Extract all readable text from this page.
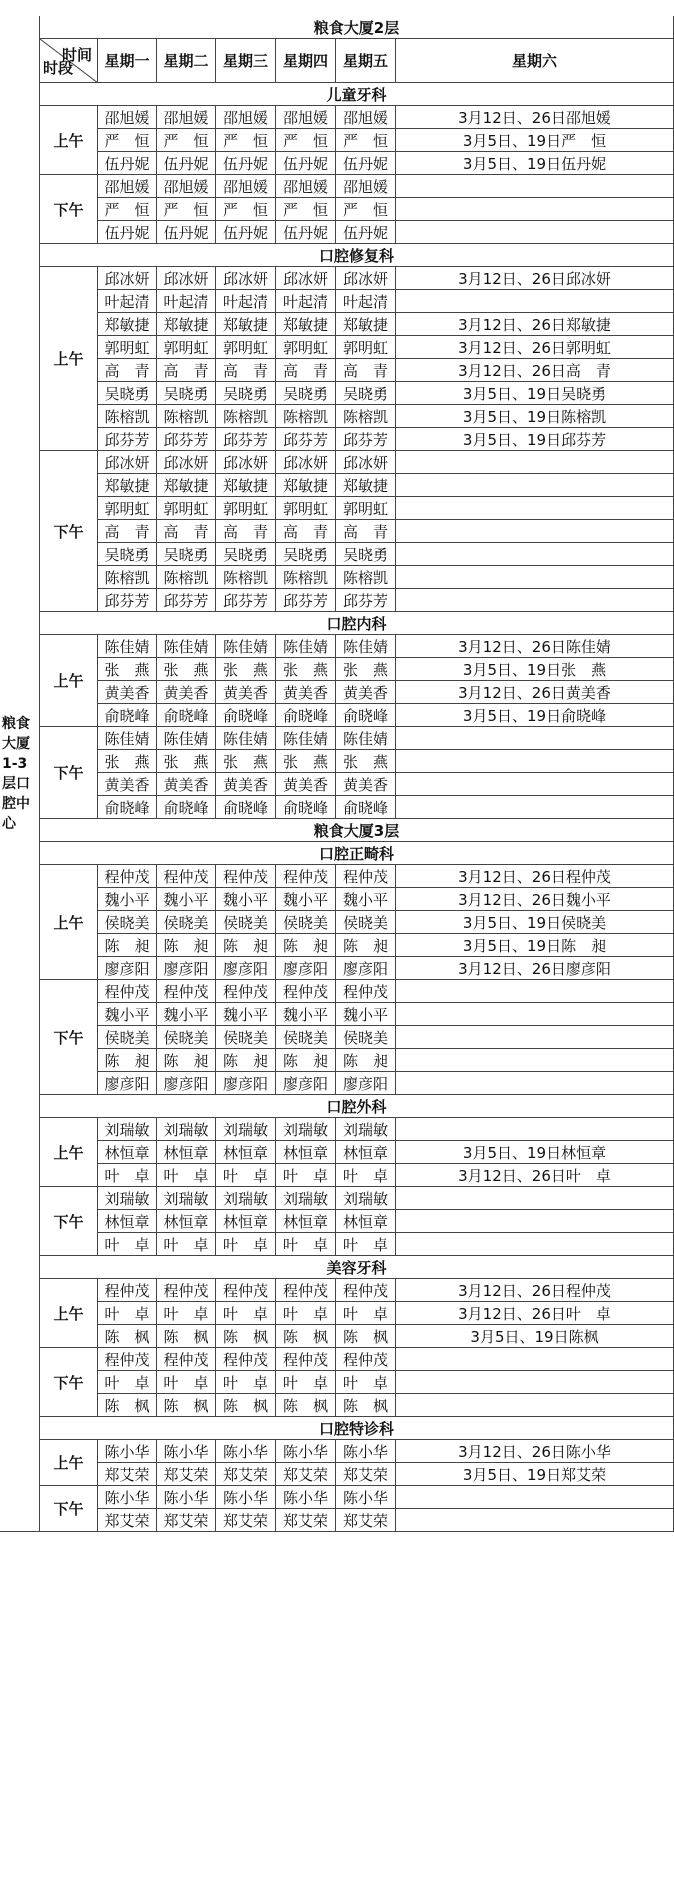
粮食大厦1-3层口腔中心
粮食大厦2层
时间
时段	星期一 星期二 星期三 星期四 星期五	星期六
儿童牙科
邵旭媛 邵旭媛 邵旭媛 邵旭媛 邵旭媛	3月12日、26日邵旭媛
严　恒 严　恒 严　恒 严　恒 严　恒	3月5日、19日严　恒
伍丹妮 伍丹妮 伍丹妮 伍丹妮 伍丹妮	3月5日、19日伍丹妮
上午
邵旭媛 邵旭媛 邵旭媛 邵旭媛 邵旭媛
严　恒 严　恒 严　恒 严　恒 严　恒
伍丹妮 伍丹妮 伍丹妮 伍丹妮 伍丹妮
下午
口腔修复科
邱冰妍 邱冰妍 邱冰妍 邱冰妍 邱冰妍	3月12日、26日邱冰妍
叶起清 叶起清 叶起清 叶起清 叶起清
郑敏捷 郑敏捷 郑敏捷 郑敏捷 郑敏捷	3月12日、26日郑敏捷
郭明虹 郭明虹 郭明虹 郭明虹 郭明虹	3月12日、26日郭明虹
高　青 高　青 高　青 高　青 高　青	3月12日、26日高　青
吴晓勇 吴晓勇 吴晓勇 吴晓勇 吴晓勇	3月5日、19日吴晓勇
陈榕凯 陈榕凯 陈榕凯 陈榕凯 陈榕凯	3月5日、19日陈榕凯
邱芬芳 邱芬芳 邱芬芳 邱芬芳 邱芬芳	3月5日、19日邱芬芳
上午
邱冰妍 邱冰妍 邱冰妍 邱冰妍 邱冰妍
郑敏捷 郑敏捷 郑敏捷 郑敏捷 郑敏捷
郭明虹 郭明虹 郭明虹 郭明虹 郭明虹
高　青 高　青 高　青 高　青 高　青
吴晓勇 吴晓勇 吴晓勇 吴晓勇 吴晓勇
陈榕凯 陈榕凯 陈榕凯 陈榕凯 陈榕凯
邱芬芳 邱芬芳 邱芬芳 邱芬芳 邱芬芳
下午
口腔内科
陈佳婧 陈佳婧 陈佳婧 陈佳婧 陈佳婧	3月12日、26日陈佳婧
张　燕 张　燕 张　燕 张　燕 张　燕	3月5日、19日张　燕
黄美香 黄美香 黄美香 黄美香 黄美香	3月12日、26日黄美香
俞晓峰 俞晓峰 俞晓峰 俞晓峰 俞晓峰	3月5日、19日俞晓峰
上午
陈佳婧 陈佳婧 陈佳婧 陈佳婧 陈佳婧
张　燕 张　燕 张　燕 张　燕 张　燕
黄美香 黄美香 黄美香 黄美香 黄美香
俞晓峰 俞晓峰 俞晓峰 俞晓峰 俞晓峰
下午
粮食大厦3层
口腔正畸科
程仲茂 程仲茂 程仲茂 程仲茂 程仲茂	3月12日、26日程仲茂
魏小平 魏小平 魏小平 魏小平 魏小平	3月12日、26日魏小平
侯晓美 侯晓美 侯晓美 侯晓美 侯晓美	3月5日、19日侯晓美
陈　昶 陈　昶 陈　昶 陈　昶 陈　昶	3月5日、19日陈　昶
廖彦阳 廖彦阳 廖彦阳 廖彦阳 廖彦阳	3月12日、26日廖彦阳
上午
程仲茂 程仲茂 程仲茂 程仲茂 程仲茂
魏小平 魏小平 魏小平 魏小平 魏小平
侯晓美 侯晓美 侯晓美 侯晓美 侯晓美
陈　昶 陈　昶 陈　昶 陈　昶 陈　昶
廖彦阳 廖彦阳 廖彦阳 廖彦阳 廖彦阳
下午
口腔外科
刘瑞敏 刘瑞敏 刘瑞敏 刘瑞敏 刘瑞敏
林恒章 林恒章 林恒章 林恒章 林恒章	3月5日、19日林恒章
叶　卓 叶　卓 叶　卓 叶　卓 叶　卓	3月12日、26日叶　卓
上午
刘瑞敏 刘瑞敏 刘瑞敏 刘瑞敏 刘瑞敏
林恒章 林恒章 林恒章 林恒章 林恒章
叶　卓 叶　卓 叶　卓 叶　卓 叶　卓
下午
美容牙科
程仲茂 程仲茂 程仲茂 程仲茂 程仲茂	3月12日、26日程仲茂
叶　卓 叶　卓 叶　卓 叶　卓 叶　卓	3月12日、26日叶　卓
陈　枫 陈　枫 陈　枫 陈　枫 陈　枫	3月5日、19日陈枫
上午
程仲茂 程仲茂 程仲茂 程仲茂 程仲茂
叶　卓 叶　卓 叶　卓 叶　卓 叶　卓
陈　枫 陈　枫 陈　枫 陈　枫 陈　枫
下午
口腔特诊科
陈小华 陈小华 陈小华 陈小华 陈小华	3月12日、26日陈小华
郑艾荣 郑艾荣 郑艾荣 郑艾荣 郑艾荣	3月5日、19日郑艾荣
上午
陈小华 陈小华 陈小华 陈小华 陈小华
郑艾荣 郑艾荣 郑艾荣 郑艾荣 郑艾荣
下午
